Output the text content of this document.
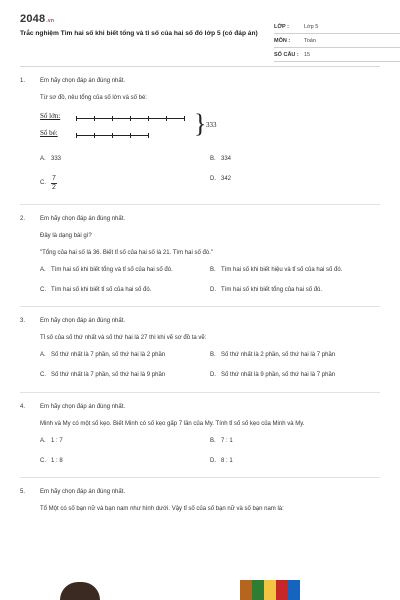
2048.vn
Trắc nghiệm Tìm hai số khi biết tổng và tỉ số của hai số đó lớp 5 (có đáp án)
LỚP :	Lớp 5
MÔN :	Toán
SỐ CÂU : 15
1. Em hãy chọn đáp án đúng nhất.
Từ sơ đồ, nêu tổng của số lớn và số bé:
Số lớn:
Số bé:	} 333
A. 333	B. 334
C. $\frac{7}{2}$	D. 342
2. Em hãy chọn đáp án đúng nhất.
Đây là dạng bài gì?
"Tổng của hai số là 36. Biết tỉ số của hai số là 21. Tìm hai số đó."
A. Tìm hai số khi biết tổng và tỉ số của hai số đó.	B. Tìm hai số khi biết hiệu và tỉ số của hai số đó.
C. Tìm hai số khi biết tỉ số của hai số đó.	D. Tìm hai số khi biết tổng của hai số đó.
3. Em hãy chọn đáp án đúng nhất.
Tỉ số của số thứ nhất và số thứ hai là 27 thì khi vẽ sơ đồ ta vẽ:
A. Số thứ nhất là 7 phần, số thứ hai là 2 phần	B. Số thứ nhất là 2 phần, số thứ hai là 7 phần
C. Số thứ nhất là 7 phần, số thứ hai là 9 phần	D. Số thứ nhất là 9 phần, số thứ hai là 7 phần
4. Em hãy chọn đáp án đúng nhất.
Minh và My có một số kẹo. Biết Minh có số kẹo gấp 7 lần của My. Tính tỉ số số kẹo của Minh và My.
A. 1 : 7	B. 7 : 1
C. 1 : 8	D. 8 : 1
5. Em hãy chọn đáp án đúng nhất.
Tổ Một có số bạn nữ và bạn nam như hình dưới. Vậy tỉ số của số bạn nữ và số bạn nam là:
